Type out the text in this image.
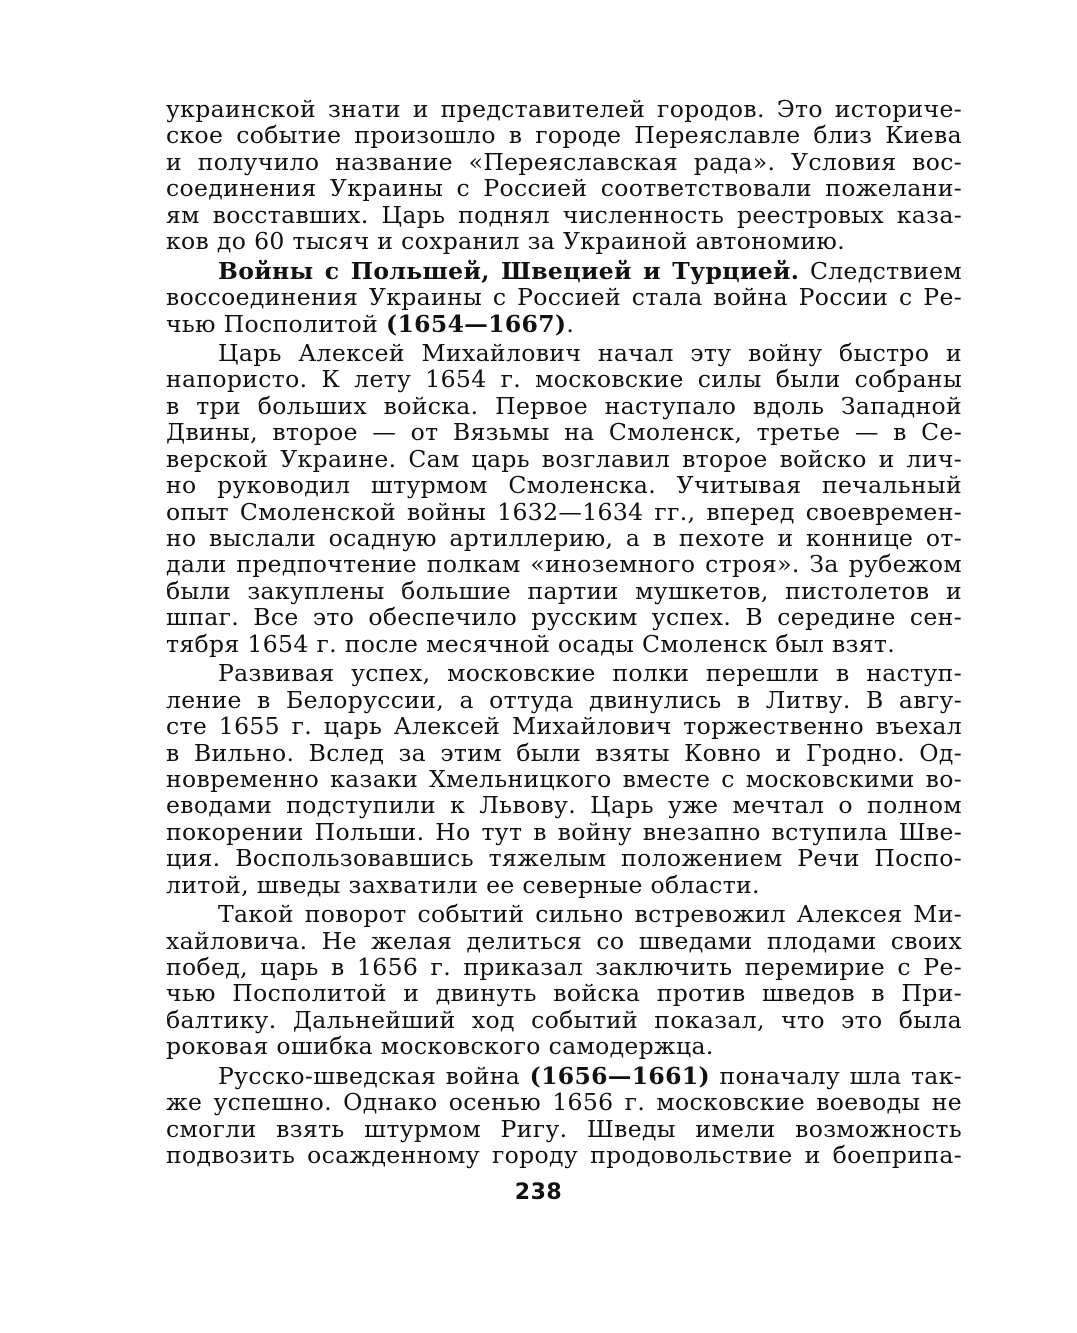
украинской знати и представителей городов. Это историче-
ское событие произошло в городе Переяславле близ Киева
и получило название «Переяславская рада». Условия вос-
соединения Украины с Россией соответствовали пожелани-
ям восставших. Царь поднял численность реестровых каза-
ков до 60 тысяч и сохранил за Украиной автономию.
Войны с Польшей, Швецией и Турцией. Следствием
воссоединения Украины с Россией стала война России с Ре-
чью Посполитой (1654—1667).
Царь Алексей Михайлович начал эту войну быстро и
напористо. К лету 1654 г. московские силы были собраны
в три больших войска. Первое наступало вдоль Западной
Двины, второе — от Вязьмы на Смоленск, третье — в Се-
верской Украине. Сам царь возглавил второе войско и лич-
но руководил штурмом Смоленска. Учитывая печальный
опыт Смоленской войны 1632—1634 гг., вперед своевремен-
но выслали осадную артиллерию, а в пехоте и коннице от-
дали предпочтение полкам «иноземного строя». За рубежом
были закуплены большие партии мушкетов, пистолетов и
шпаг. Все это обеспечило русским успех. В середине сен-
тября 1654 г. после месячной осады Смоленск был взят.
Развивая успех, московские полки перешли в наступ-
ление в Белоруссии, а оттуда двинулись в Литву. В авгу-
сте 1655 г. царь Алексей Михайлович торжественно въехал
в Вильно. Вслед за этим были взяты Ковно и Гродно. Од-
новременно казаки Хмельницкого вместе с московскими во-
еводами подступили к Львову. Царь уже мечтал о полном
покорении Польши. Но тут в войну внезапно вступила Шве-
ция. Воспользовавшись тяжелым положением Речи Поспо-
литой, шведы захватили ее северные области.
Такой поворот событий сильно встревожил Алексея Ми-
хайловича. Не желая делиться со шведами плодами своих
побед, царь в 1656 г. приказал заключить перемирие с Ре-
чью Посполитой и двинуть войска против шведов в При-
балтику. Дальнейший ход событий показал, что это была
роковая ошибка московского самодержца.
Русско-шведская война (1656—1661) поначалу шла так-
же успешно. Однако осенью 1656 г. московские воеводы не
смогли взять штурмом Ригу. Шведы имели возможность
подвозить осажденному городу продовольствие и боеприпа-
238
